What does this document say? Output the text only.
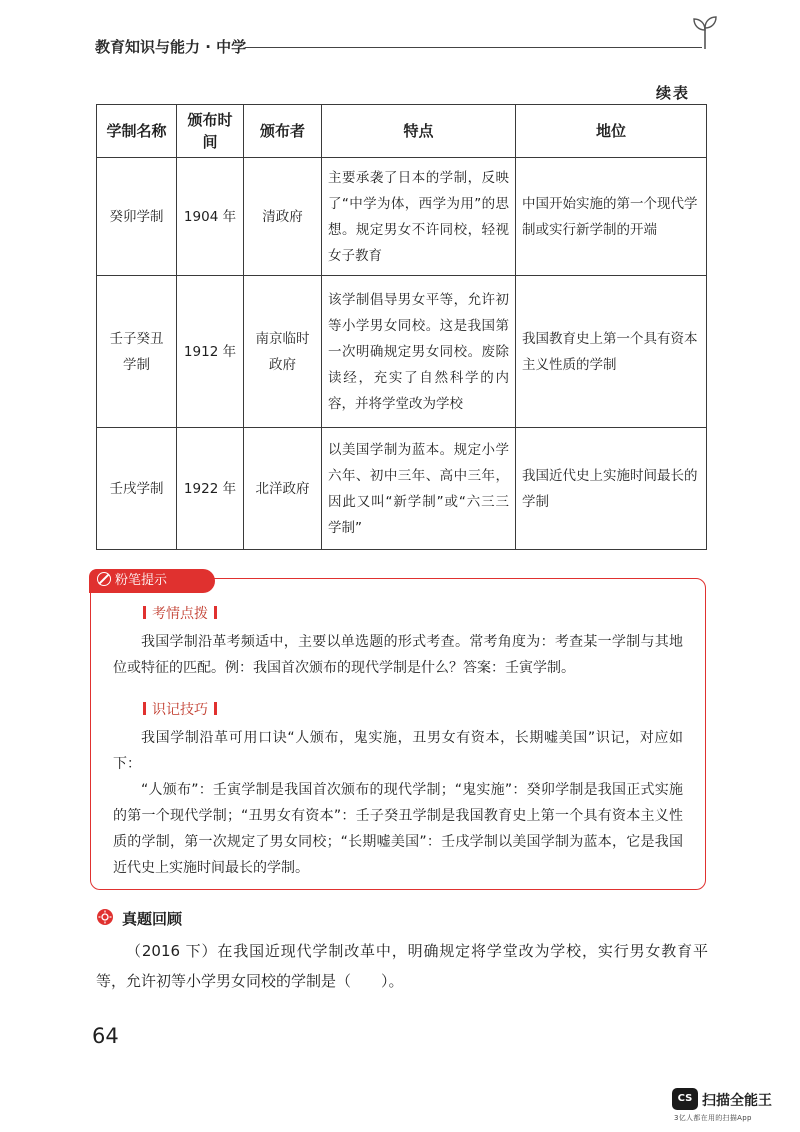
教育知识与能力 · 中学
续表
学制名称	颁布时间	颁布者	特点	地位
癸卯学制	1904 年	清政府	主要承袭了日本的学制，反映了“中学为体，西学为用”的思想。规定男女不许同校，轻视女子教育	中国开始实施的第一个现代学制或实行新学制的开端
壬子癸丑学制	1912 年	南京临时政府	该学制倡导男女平等，允许初等小学男女同校。这是我国第一次明确规定男女同校。废除读经，充实了自然科学的内容，并将学堂改为学校	我国教育史上第一个具有资本主义性质的学制
壬戌学制	1922 年	北洋政府	以美国学制为蓝本。规定小学六年、初中三年、高中三年，因此又叫“新学制”或“六三三学制”	我国近代史上实施时间最长的学制
粉笔提示
考情点拨
我国学制沿革考频适中，主要以单选题的形式考查。常考角度为：考查某一学制与其地位或特征的匹配。例：我国首次颁布的现代学制是什么？答案：壬寅学制。
识记技巧
我国学制沿革可用口诀“人颁布，鬼实施，丑男女有资本，长期嘘美国”识记，对应如下：
“人颁布”：壬寅学制是我国首次颁布的现代学制；“鬼实施”：癸卯学制是我国正式实施的第一个现代学制；“丑男女有资本”：壬子癸丑学制是我国教育史上第一个具有资本主义性质的学制，第一次规定了男女同校；“长期嘘美国”：壬戌学制以美国学制为蓝本，它是我国近代史上实施时间最长的学制。
真题回顾
（2016 下）在我国近现代学制改革中，明确规定将学堂改为学校，实行男女教育平等，允许初等小学男女同校的学制是（　　）。
64
CS 扫描全能王
3亿人都在用的扫描App
